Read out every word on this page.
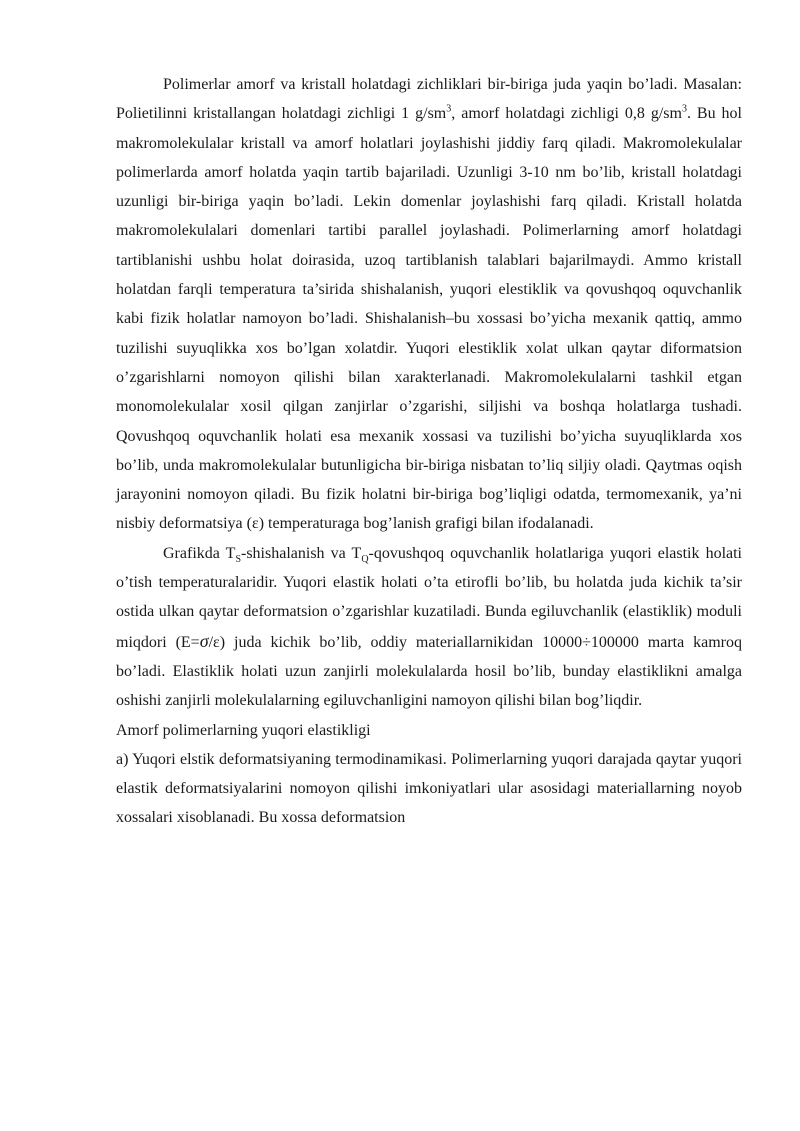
Polimerlar amorf va kristall holatdagi zichliklari bir-biriga juda yaqin bo’ladi. Masalan: Polietilinni kristallangan holatdagi zichligi 1 $g/sm^3$, amorf holatdagi zichligi 0,8 $g/sm^3$. Bu hol makromolekulalar kristall va amorf holatlari joylashishi jiddiy farq qiladi. Makromolekulalar polimerlarda amorf holatda yaqin tartib bajariladi. Uzunligi 3-10 nm bo’lib, kristall holatdagi uzunligi bir-biriga yaqin bo’ladi. Lekin domenlar joylashishi farq qiladi. Kristall holatda makromolekulalari domenlari tartibi parallel joylashadi. Polimerlarning amorf holatdagi tartiblanishi ushbu holat doirasida, uzoq tartiblanish talablari bajarilmaydi. Ammo kristall holatdan farqli temperatura ta’sirida shishalanish, yuqori elestiklik va qovushqoq oquvchanlik kabi fizik holatlar namoyon bo’ladi. Shishalanish–bu xossasi bo’yicha mexanik qattiq, ammo tuzilishi suyuqlikka xos bo’lgan xolatdir. Yuqori elestiklik xolat ulkan qaytar diformatsion o’zgarishlarni nomoyon qilishi bilan xarakterlanadi. Makromolekulalarni tashkil etgan monomolekulalar xosil qilgan zanjirlar o’zgarishi, siljishi va boshqa holatlarga tushadi. Qovushqoq oquvchanlik holati esa mexanik xossasi va tuzilishi bo’yicha suyuqliklarda xos bo’lib, unda makromolekulalar butunligicha bir-biriga nisbatan to’liq siljiy oladi. Qaytmas oqish jarayonini nomoyon qiladi. Bu fizik holatni bir-biriga bog’liqligi odatda, termomexanik, ya’ni nisbiy deformatsiya (ε) temperaturaga bog’lanish grafigi bilan ifodalanadi.

Grafikda $T_S$-shishalanish va $T_Q$-qovushqoq oquvchanlik holatlariga yuqori elastik holati o’tish temperaturalaridir. Yuqori elastik holati o’ta etirofli bo’lib, bu holatda juda kichik ta’sir ostida ulkan qaytar deformatsion o’zgarishlar kuzatiladi. Bunda egiluvchanlik (elastiklik) moduli miqdori (E=σ/ε) juda kichik bo’lib, oddiy materiallarnikidan 10000÷100000 marta kamroq bo’ladi. Elastiklik holati uzun zanjirli molekulalarda hosil bo’lib, bunday elastiklikni amalga oshishi zanjirli molekulalarning egiluvchanligini namoyon qilishi bilan bog’liqdir.

Amorf polimerlarning yuqori elastikligi

a) Yuqori elstik deformatsiyaning termodinamikasi. Polimerlarning yuqori darajada qaytar yuqori elastik deformatsiyalarini nomoyon qilishi imkoniyatlari ular asosidagi materiallarning noyob xossalari xisoblanadi. Bu xossa deformatsion
